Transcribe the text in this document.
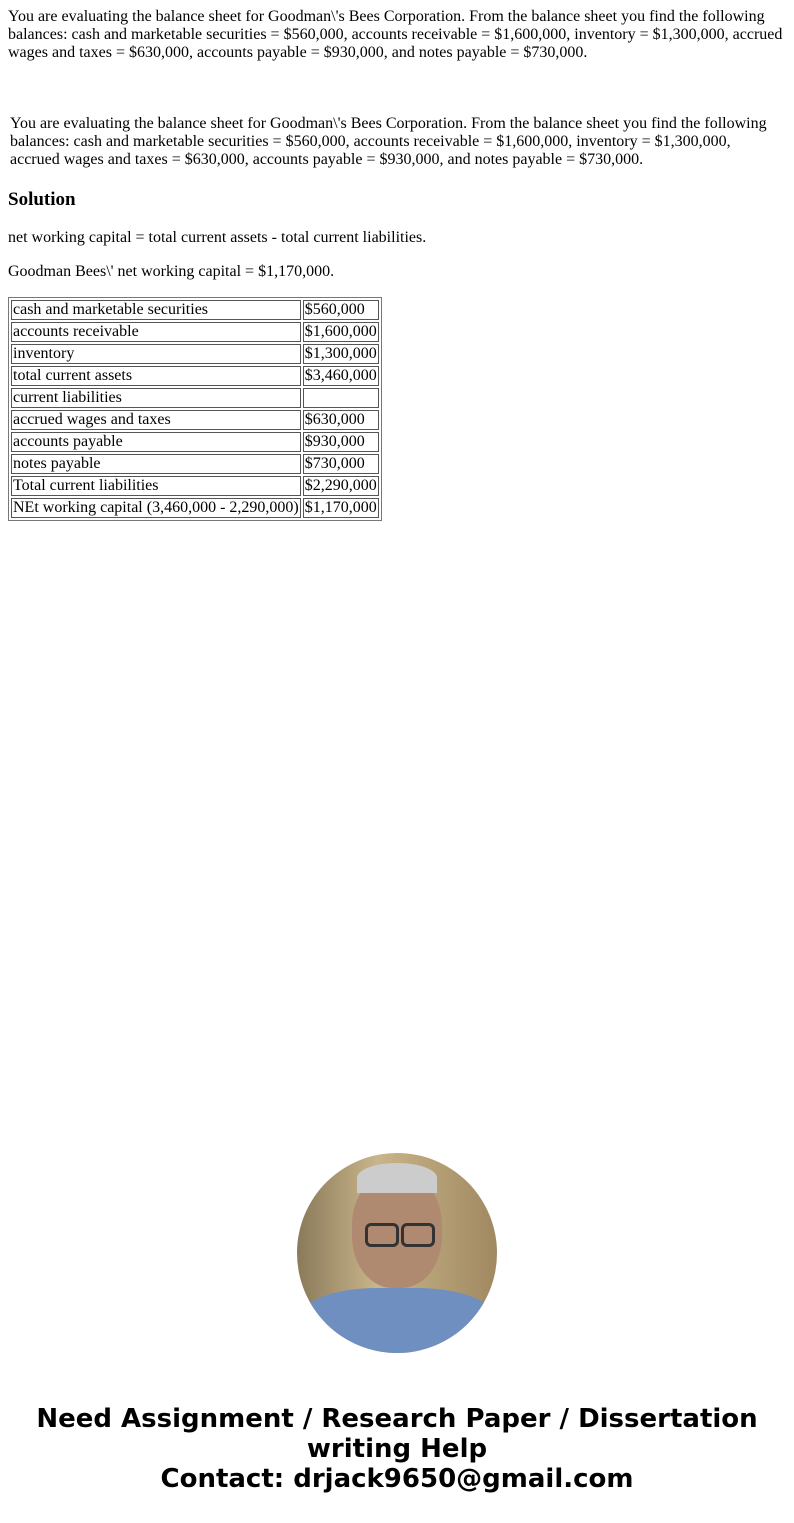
You are evaluating the balance sheet for Goodman\'s Bees Corporation. From the balance sheet you find the following balances: cash and marketable securities = $560,000, accounts receivable = $1,600,000, inventory = $1,300,000, accrued wages and taxes = $630,000, accounts payable = $930,000, and notes payable = $730,000.
You are evaluating the balance sheet for Goodman\'s Bees Corporation. From the balance sheet you find the following balances: cash and marketable securities = $560,000, accounts receivable = $1,600,000, inventory = $1,300,000, accrued wages and taxes = $630,000, accounts payable = $930,000, and notes payable = $730,000.
Solution
net working capital = total current assets - total current liabilities.
Goodman Bees\' net working capital = $1,170,000.
cash and marketable securities	$560,000
accounts receivable	$1,600,000
inventory	$1,300,000
total current assets	$3,460,000
current liabilities	
accrued wages and taxes	$630,000
accounts payable	$930,000
notes payable	$730,000
Total current liabilities	$2,290,000
NEt working capital (3,460,000 - 2,290,000)	$1,170,000
Need Assignment / Research Paper / Dissertation writing Help
Contact: drjack9650@gmail.com
